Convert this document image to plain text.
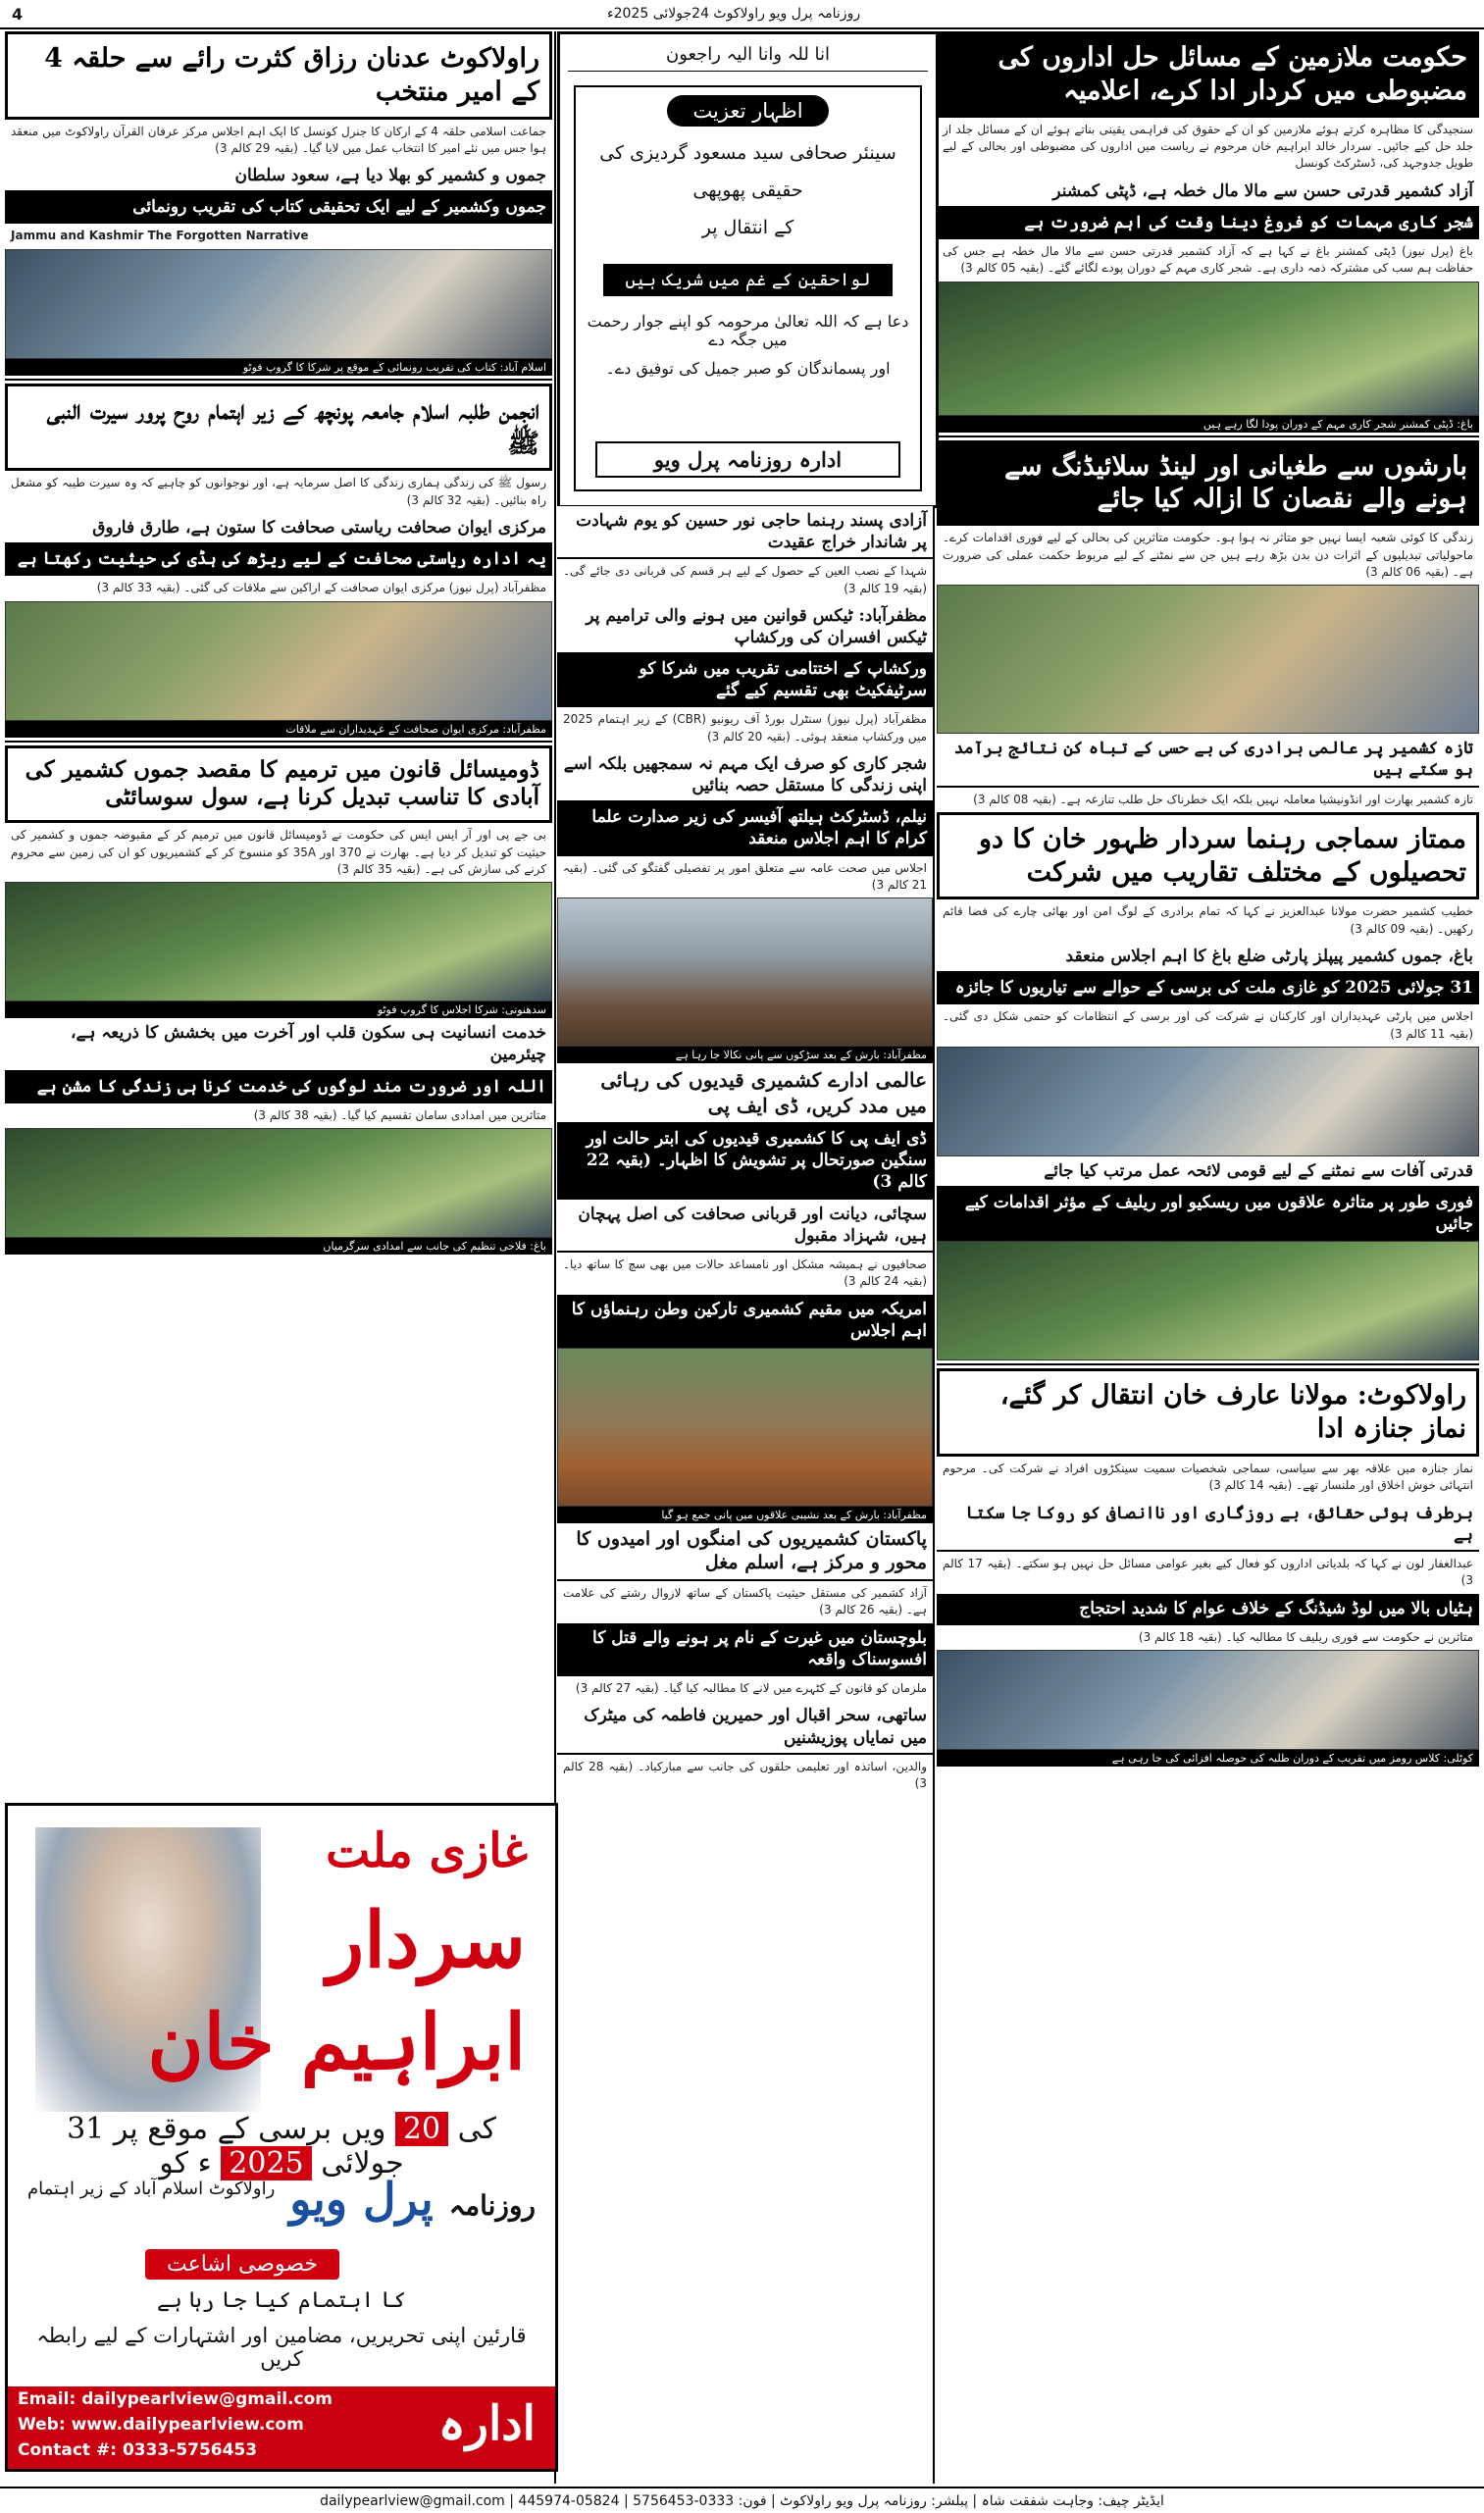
4	روزنامہ پرل ویو راولاکوٹ 24جولائی 2025ء
حکومت ملازمین کے مسائل حل اداروں کی مضبوطی میں کردار ادا کرے، اعلامیہ
سنجیدگی کا مظاہرہ کرتے ہوئے ملازمین کو ان کے حقوق کی فراہمی یقینی بناتے ہوئے ان کے مسائل جلد از جلد حل کیے جائیں۔ سردار خالد ابراہیم خان مرحوم نے ریاست میں اداروں کی مضبوطی اور بحالی کے لیے طویل جدوجہد کی، ڈسٹرکٹ کونسل
آزاد کشمیر قدرتی حسن سے مالا مال خطہ ہے، ڈپٹی کمشنر
شجر کاری مہمات کو فروغ دینا وقت کی اہم ضرورت ہے
باغ (پرل نیوز) ڈپٹی کمشنر باغ نے کہا ہے کہ آزاد کشمیر قدرتی حسن سے مالا مال خطہ ہے جس کی حفاظت ہم سب کی مشترکہ ذمہ داری ہے۔ شجر کاری مہم کے دوران پودے لگائے گئے۔ (بقیہ 05 کالم 3)
باغ: ڈپٹی کمشنر شجر کاری مہم کے دوران پودا لگا رہے ہیں
بارشوں سے طغیانی اور لینڈ سلائیڈنگ سے ہونے والے نقصان کا ازالہ کیا جائے
زندگی کا کوئی شعبہ ایسا نہیں جو متاثر نہ ہوا ہو۔ حکومت متاثرین کی بحالی کے لیے فوری اقدامات کرے۔ ماحولیاتی تبدیلیوں کے اثرات دن بدن بڑھ رہے ہیں جن سے نمٹنے کے لیے مربوط حکمت عملی کی ضرورت ہے۔ (بقیہ 06 کالم 3)
تازہ کشمیر پر عالمی برادری کی بے حسی کے تباہ کن نتائج برآمد ہو سکتے ہیں
تازہ کشمیر بھارت اور انڈونیشیا معاملہ نہیں بلکہ ایک خطرناک حل طلب تنازعہ ہے۔ (بقیہ 08 کالم 3)
ممتاز سماجی رہنما سردار ظہور خان کا دو تحصیلوں کے مختلف تقاریب میں شرکت
خطیب کشمیر حضرت مولانا عبدالعزیز نے کہا کہ تمام برادری کے لوگ امن اور بھائی چارے کی فضا قائم رکھیں۔ (بقیہ 09 کالم 3)
باغ، جموں کشمیر پیپلز پارٹی ضلع باغ کا اہم اجلاس منعقد
31 جولائی 2025 کو غازی ملت کی برسی کے حوالے سے تیاریوں کا جائزہ
اجلاس میں پارٹی عہدیداران اور کارکنان نے شرکت کی اور برسی کے انتظامات کو حتمی شکل دی گئی۔ (بقیہ 11 کالم 3)
قدرتی آفات سے نمٹنے کے لیے قومی لائحہ عمل مرتب کیا جائے
فوری طور پر متاثرہ علاقوں میں ریسکیو اور ریلیف کے مؤثر اقدامات کیے جائیں
راولاکوٹ: مولانا عارف خان انتقال کر گئے، نماز جنازہ ادا
نماز جنازہ میں علاقہ بھر سے سیاسی، سماجی شخصیات سمیت سینکڑوں افراد نے شرکت کی۔ مرحوم انتہائی خوش اخلاق اور ملنسار تھے۔ (بقیہ 14 کالم 3)
برطرف ہوئی حقائق، بے روزگاری اور ناانصافی کو روکا جا سکتا ہے
عبدالغفار لون نے کہا کہ بلدیاتی اداروں کو فعال کیے بغیر عوامی مسائل حل نہیں ہو سکتے۔ (بقیہ 17 کالم 3)
ہٹیاں بالا میں لوڈ شیڈنگ کے خلاف عوام کا شدید احتجاج
متاثرین نے حکومت سے فوری ریلیف کا مطالبہ کیا۔ (بقیہ 18 کالم 3)
کوٹلی: کلاس رومز میں تقریب کے دوران طلبہ کی حوصلہ افزائی کی جا رہی ہے
انا للہ وانا الیہ راجعون
اظہار تعزیت
سینئر صحافی سید مسعود گردیزی کی
حقیقی پھوپھی
کے انتقال پر
لواحقین کے غم میں شریک ہیں
دعا ہے کہ اللہ تعالیٰ مرحومہ کو اپنے جوار رحمت میں جگہ دے
اور پسماندگان کو صبر جمیل کی توفیق دے۔
ادارہ روزنامہ پرل ویو
آزادی پسند رہنما حاجی نور حسین کو یوم شہادت پر شاندار خراج عقیدت
شہدا کے نصب العین کے حصول کے لیے ہر قسم کی قربانی دی جائے گی۔ (بقیہ 19 کالم 3)
مظفرآباد: ٹیکس قوانین میں ہونے والی ترامیم پر ٹیکس افسران کی ورکشاپ
ورکشاپ کے اختتامی تقریب میں شرکا کو سرٹیفکیٹ بھی تقسیم کیے گئے
مظفرآباد (پرل نیوز) سنٹرل بورڈ آف ریونیو (CBR) کے زیر اہتمام 2025 میں ورکشاپ منعقد ہوئی۔ (بقیہ 20 کالم 3)
شجر کاری کو صرف ایک مہم نہ سمجھیں بلکہ اسے اپنی زندگی کا مستقل حصہ بنائیں
نیلم، ڈسٹرکٹ ہیلتھ آفیسر کی زیر صدارت علما کرام کا اہم اجلاس منعقد
اجلاس میں صحت عامہ سے متعلق امور پر تفصیلی گفتگو کی گئی۔ (بقیہ 21 کالم 3)
مظفرآباد: بارش کے بعد سڑکوں سے پانی نکالا جا رہا ہے
عالمی ادارے کشمیری قیدیوں کی رہائی میں مدد کریں، ڈی ایف پی
ڈی ایف پی کا کشمیری قیدیوں کی ابتر حالت اور سنگین صورتحال پر تشویش کا اظہار۔ (بقیہ 22 کالم 3)
سچائی، دیانت اور قربانی صحافت کی اصل پہچان ہیں، شہزاد مقبول
صحافیوں نے ہمیشہ مشکل اور نامساعد حالات میں بھی سچ کا ساتھ دیا۔ (بقیہ 24 کالم 3)
امریکہ میں مقیم کشمیری تارکین وطن رہنماؤں کا اہم اجلاس
مظفرآباد: بارش کے بعد نشیبی علاقوں میں پانی جمع ہو گیا
پاکستان کشمیریوں کی امنگوں اور امیدوں کا محور و مرکز ہے، اسلم مغل
آزاد کشمیر کی مستقل حیثیت پاکستان کے ساتھ لازوال رشتے کی علامت ہے۔ (بقیہ 26 کالم 3)
بلوچستان میں غیرت کے نام پر ہونے والے قتل کا افسوسناک واقعہ
ملزمان کو قانون کے کٹہرے میں لانے کا مطالبہ کیا گیا۔ (بقیہ 27 کالم 3)
ساتھی، سحر اقبال اور حمیرین فاطمہ کی میٹرک میں نمایاں پوزیشنیں
والدین، اساتذہ اور تعلیمی حلقوں کی جانب سے مبارکباد۔ (بقیہ 28 کالم 3)
راولاکوٹ عدنان رزاق کثرت رائے سے حلقہ 4 کے امیر منتخب
جماعت اسلامی حلقہ 4 کے ارکان کا جنرل کونسل کا ایک اہم اجلاس مرکز عرفان القرآن راولاکوٹ میں منعقد ہوا جس میں نئے امیر کا انتخاب عمل میں لایا گیا۔ (بقیہ 29 کالم 3)
جموں و کشمیر کو بھلا دیا ہے، سعود سلطان
جموں وکشمیر کے لیے ایک تحقیقی کتاب کی تقریب رونمائی
Jammu and Kashmir The Forgotten Narrative
اسلام آباد: کتاب کی تقریب رونمائی کے موقع پر شرکا کا گروپ فوٹو
انجمن طلبہ اسلام جامعہ پونچھ کے زیر اہتمام روح پرور سیرت النبی ﷺ
رسول ﷺ کی زندگی ہماری زندگی کا اصل سرمایہ ہے، اور نوجوانوں کو چاہیے کہ وہ سیرت طیبہ کو مشعل راہ بنائیں۔ (بقیہ 32 کالم 3)
مرکزی ایوان صحافت ریاستی صحافت کا ستون ہے، طارق فاروق
یہ ادارہ ریاستی صحافت کے لیے ریڑھ کی ہڈی کی حیثیت رکھتا ہے
مظفرآباد (پرل نیوز) مرکزی ایوان صحافت کے اراکین سے ملاقات کی گئی۔ (بقیہ 33 کالم 3)
مظفرآباد: مرکزی ایوان صحافت کے عہدیداران سے ملاقات
ڈومیسائل قانون میں ترمیم کا مقصد جموں کشمیر کی آبادی کا تناسب تبدیل کرنا ہے، سول سوسائٹی
بی جے پی اور آر ایس ایس کی حکومت نے ڈومیسائل قانون میں ترمیم کر کے مقبوضہ جموں و کشمیر کی حیثیت کو تبدیل کر دیا ہے۔ بھارت نے 370 اور 35A کو منسوخ کر کے کشمیریوں کو ان کی زمین سے محروم کرنے کی سازش کی ہے۔ (بقیہ 35 کالم 3)
سدھنوتی: شرکا اجلاس کا گروپ فوٹو
خدمت انسانیت ہی سکون قلب اور آخرت میں بخشش کا ذریعہ ہے، چیئرمین
اللہ اور ضرورت مند لوگوں کی خدمت کرنا ہی زندگی کا مشن ہے
متاثرین میں امدادی سامان تقسیم کیا گیا۔ (بقیہ 38 کالم 3)
باغ: فلاحی تنظیم کی جانب سے امدادی سرگرمیاں
غازی ملت
سردار
ابراہیم خان
کی 20 ویں برسی کے موقع پر 31 جولائی 2025 ء کو
روزنامہ پرل ویو
راولاکوٹ اسلام آباد کے زیر اہتمام
خصوصی اشاعت
کا اہتمام کیا جا رہا ہے
قارئین اپنی تحریریں، مضامین اور اشتہارات کے لیے رابطہ کریں
Email: dailypearlview@gmail.com
Web: www.dailypearlview.com
Contact #: 0333-5756453	ادارہ
ایڈیٹر چیف: وجاہت شفقت شاہ | پبلشر: روزنامہ پرل ویو راولاکوٹ | فون: 0333-5756453 | 05824-445974 | dailypearlview@gmail.com
